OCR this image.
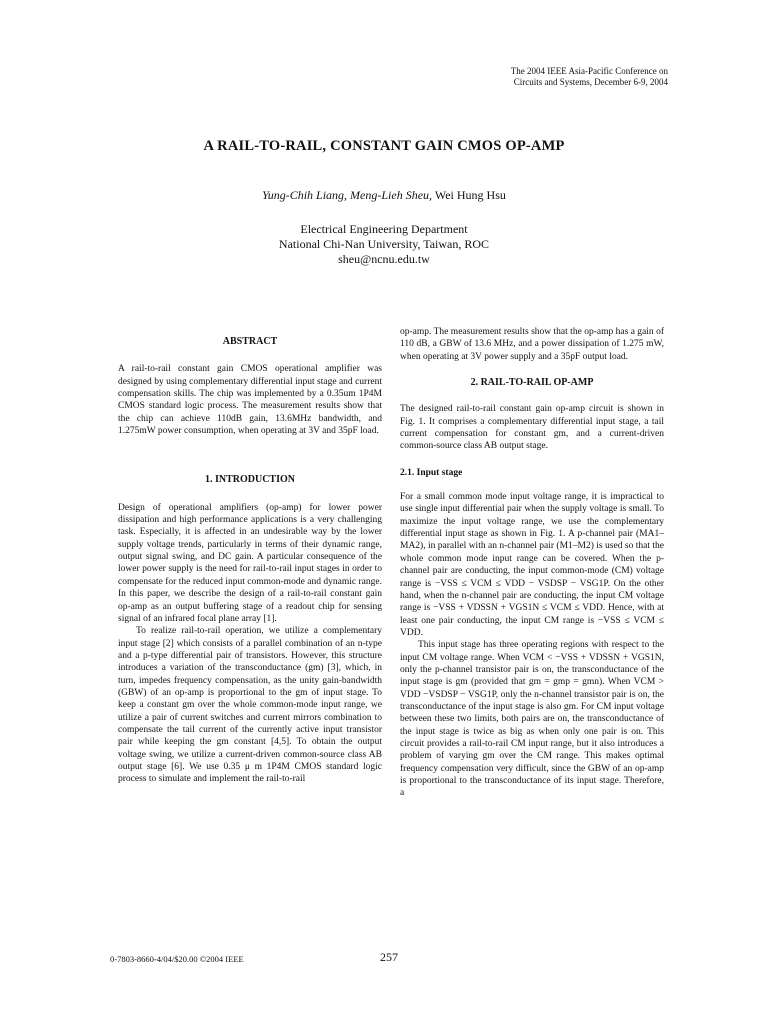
The 2004 IEEE Asia-Pacific Conference on
Circuits and Systems, December 6-9, 2004
A RAIL-TO-RAIL, CONSTANT GAIN CMOS OP-AMP
Yung-Chih Liang, Meng-Lieh Sheu, Wei Hung Hsu
Electrical Engineering Department
National Chi-Nan University, Taiwan, ROC
sheu@ncnu.edu.tw
ABSTRACT

A rail-to-rail constant gain CMOS operational amplifier was designed by using complementary differential input stage and current compensation skills. The chip was implemented by a 0.35um 1P4M CMOS standard logic process. The measurement results show that the chip can achieve 110dB gain, 13.6MHz bandwidth, and 1.275mW power consumption, when operating at 3V and 35pF load.

1. INTRODUCTION

Design of operational amplifiers (op-amp) for lower power dissipation and high performance applications is a very challenging task. Especially, it is affected in an undesirable way by the lower supply voltage trends, particularly in terms of their dynamic range, output signal swing, and DC gain. A particular consequence of the lower power supply is the need for rail-to-rail input stages in order to compensate for the reduced input common-mode and dynamic range. In this paper, we describe the design of a rail-to-rail constant gain op-amp as an output buffering stage of a readout chip for sensing signal of an infrared focal plane array [1].

To realize rail-to-rail operation, we utilize a complementary input stage [2] which consists of a parallel combination of an n-type and a p-type differential pair of transistors. However, this structure introduces a variation of the transconductance (gm) [3], which, in turn, impedes frequency compensation, as the unity gain-bandwidth (GBW) of an op-amp is proportional to the gm of input stage. To keep a constant gm over the whole common-mode input range, we utilize a pair of current switches and current mirrors combination to compensate the tail current of the currently active input transistor pair while keeping the gm constant [4,5]. To obtain the output voltage swing, we utilize a current-driven common-source class AB output stage [6]. We use 0.35 μ m 1P4M CMOS standard logic process to simulate and implement the rail-to-rail

op-amp. The measurement results show that the op-amp has a gain of 110 dB, a GBW of 13.6 MHz, and a power dissipation of 1.275 mW, when operating at 3V power supply and a 35pF output load.

2. RAIL-TO-RAIL OP-AMP

The designed rail-to-rail constant gain op-amp circuit is shown in Fig. 1. It comprises a complementary differential input stage, a tail current compensation for constant gm, and a current-driven common-source class AB output stage.

2.1. Input stage

For a small common mode input voltage range, it is impractical to use single input differential pair when the supply voltage is small. To maximize the input voltage range, we use the complementary differential input stage as shown in Fig. 1. A p-channel pair (MA1–MA2), in parallel with an n-channel pair (M1–M2) is used so that the whole common mode input range can be covered. When the p-channel pair are conducting, the input common-mode (CM) voltage range is −VSS ≤ VCM ≤ VDD − VSDSP − VSG1P. On the other hand, when the n-channel pair are conducting, the input CM voltage range is −VSS + VDSSN + VGS1N ≤ VCM ≤ VDD. Hence, with at least one pair conducting, the input CM range is −VSS ≤ VCM ≤ VDD.

This input stage has three operating regions with respect to the input CM voltage range. When VCM < −VSS + VDSSN + VGS1N, only the p-channel transistor pair is on, the transconductance of the input stage is gm (provided that gm = gmp = gmn). When VCM > VDD −VSDSP − VSG1P, only the n-channel transistor pair is on, the transconductance of the input stage is also gm. For CM input voltage between these two limits, both pairs are on, the transconductance of the input stage is twice as big as when only one pair is on. This circuit provides a rail-to-rail CM input range, but it also introduces a problem of varying gm over the CM range. This makes optimal frequency compensation very difficult, since the GBW of an op-amp is proportional to the transconductance of its input stage. Therefore, a

0-7803-8660-4/04/$20.00 ©2004 IEEE	257
